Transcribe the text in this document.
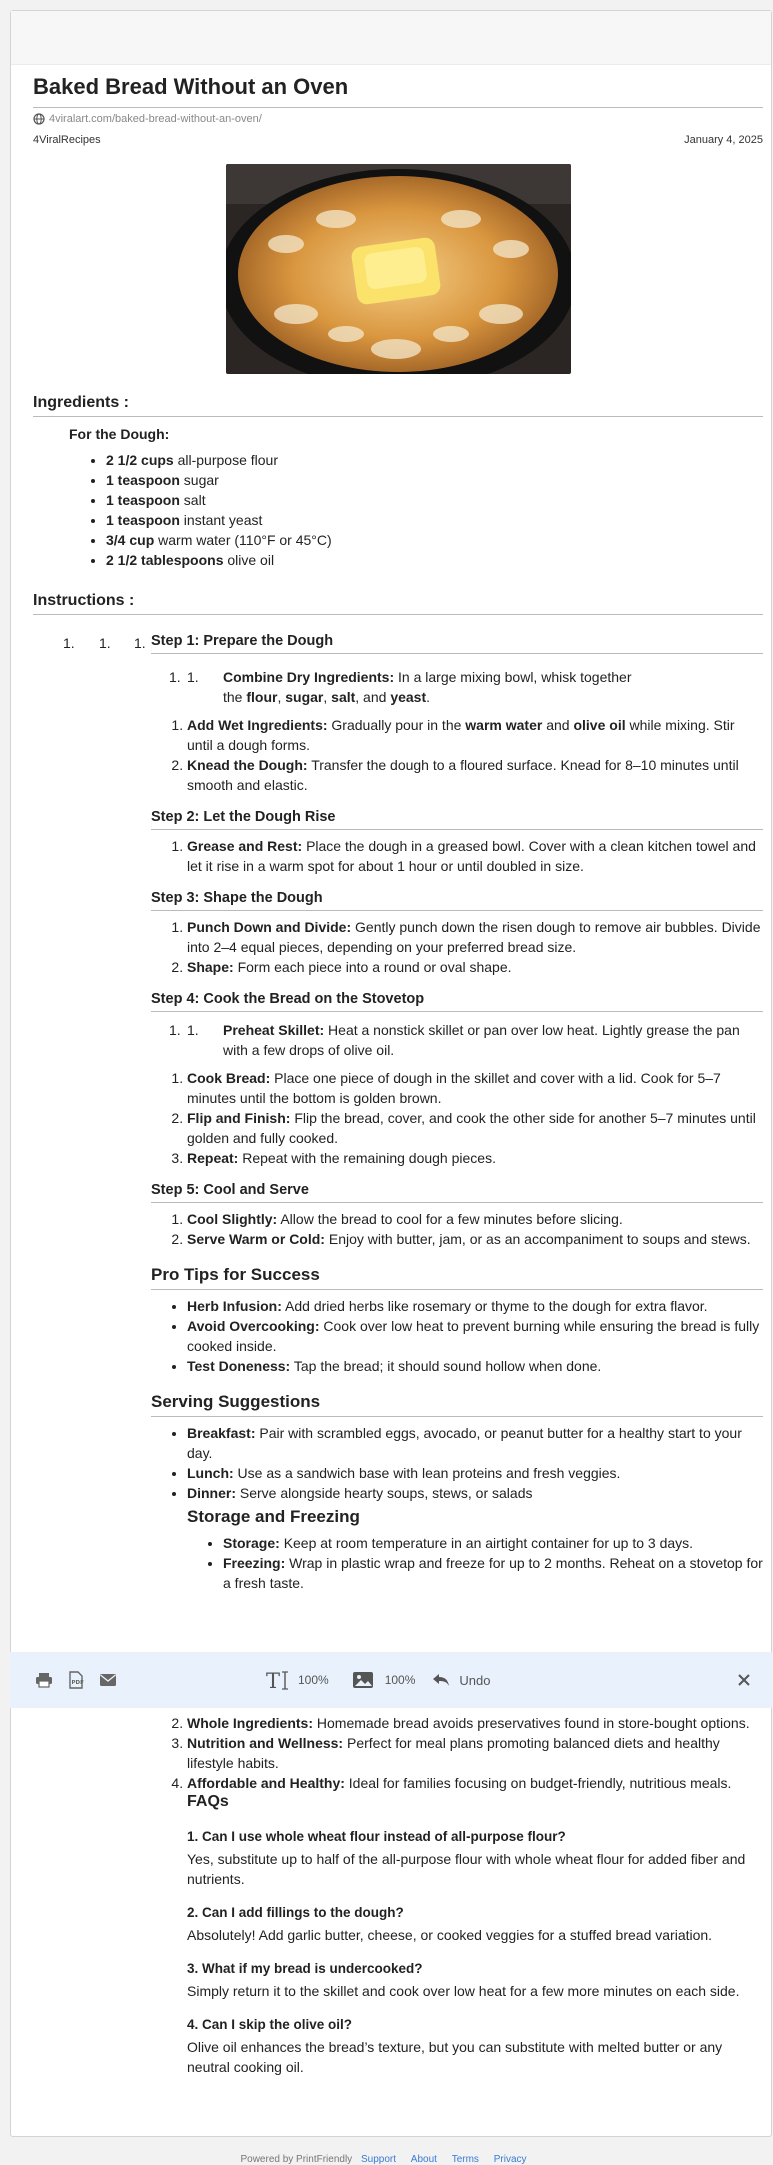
Baked Bread Without an Oven
4viralart.com/baked-bread-without-an-oven/
4ViralRecipes	January 4, 2025
Ingredients :
For the Dough:
• 2 1/2 cups all-purpose flour
• 1 teaspoon sugar
• 1 teaspoon salt
• 1 teaspoon instant yeast
• 3/4 cup warm water (110°F or 45°C)
• 2 1/2 tablespoons olive oil
Instructions :
1. 1. 1. Step 1: Prepare the Dough
1. 1. Combine Dry Ingredients: In a large mixing bowl, whisk together the flour, sugar, salt, and yeast.
1. Add Wet Ingredients: Gradually pour in the warm water and olive oil while mixing. Stir until a dough forms.
2. Knead the Dough: Transfer the dough to a floured surface. Knead for 8–10 minutes until smooth and elastic.
Step 2: Let the Dough Rise
1. Grease and Rest: Place the dough in a greased bowl. Cover with a clean kitchen towel and let it rise in a warm spot for about 1 hour or until doubled in size.
Step 3: Shape the Dough
1. Punch Down and Divide: Gently punch down the risen dough to remove air bubbles. Divide into 2–4 equal pieces, depending on your preferred bread size.
2. Shape: Form each piece into a round or oval shape.
Step 4: Cook the Bread on the Stovetop
1. 1. Preheat Skillet: Heat a nonstick skillet or pan over low heat. Lightly grease the pan with a few drops of olive oil.
1. Cook Bread: Place one piece of dough in the skillet and cover with a lid. Cook for 5–7 minutes until the bottom is golden brown.
2. Flip and Finish: Flip the bread, cover, and cook the other side for another 5–7 minutes until golden and fully cooked.
3. Repeat: Repeat with the remaining dough pieces.
Step 5: Cool and Serve
1. Cool Slightly: Allow the bread to cool for a few minutes before slicing.
2. Serve Warm or Cold: Enjoy with butter, jam, or as an accompaniment to soups and stews.
Pro Tips for Success
• Herb Infusion: Add dried herbs like rosemary or thyme to the dough for extra flavor.
• Avoid Overcooking: Cook over low heat to prevent burning while ensuring the bread is fully cooked inside.
• Test Doneness: Tap the bread; it should sound hollow when done.
Serving Suggestions
• Breakfast: Pair with scrambled eggs, avocado, or peanut butter for a healthy start to your day.
• Lunch: Use as a sandwich base with lean proteins and fresh veggies.
• Dinner: Serve alongside hearty soups, stews, or salads
Storage and Freezing
• Storage: Keep at room temperature in an airtight container for up to 3 days.
• Freezing: Wrap in plastic wrap and freeze for up to 2 months. Reheat on a stovetop for a fresh taste.
2. Whole Ingredients: Homemade bread avoids preservatives found in store-bought options.
3. Nutrition and Wellness: Perfect for meal plans promoting balanced diets and healthy lifestyle habits.
4. Affordable and Healthy: Ideal for families focusing on budget-friendly, nutritious meals.
FAQs
1. Can I use whole wheat flour instead of all-purpose flour?
Yes, substitute up to half of the all-purpose flour with whole wheat flour for added fiber and nutrients.
2. Can I add fillings to the dough?
Absolutely! Add garlic butter, cheese, or cooked veggies for a stuffed bread variation.
3. What if my bread is undercooked?
Simply return it to the skillet and cook over low heat for a few more minutes on each side.
4. Can I skip the olive oil?
Olive oil enhances the bread’s texture, but you can substitute with melted butter or any neutral cooking oil.
PDF	T 100%	100%	Undo
Powered by PrintFriendly Support About Terms Privacy
